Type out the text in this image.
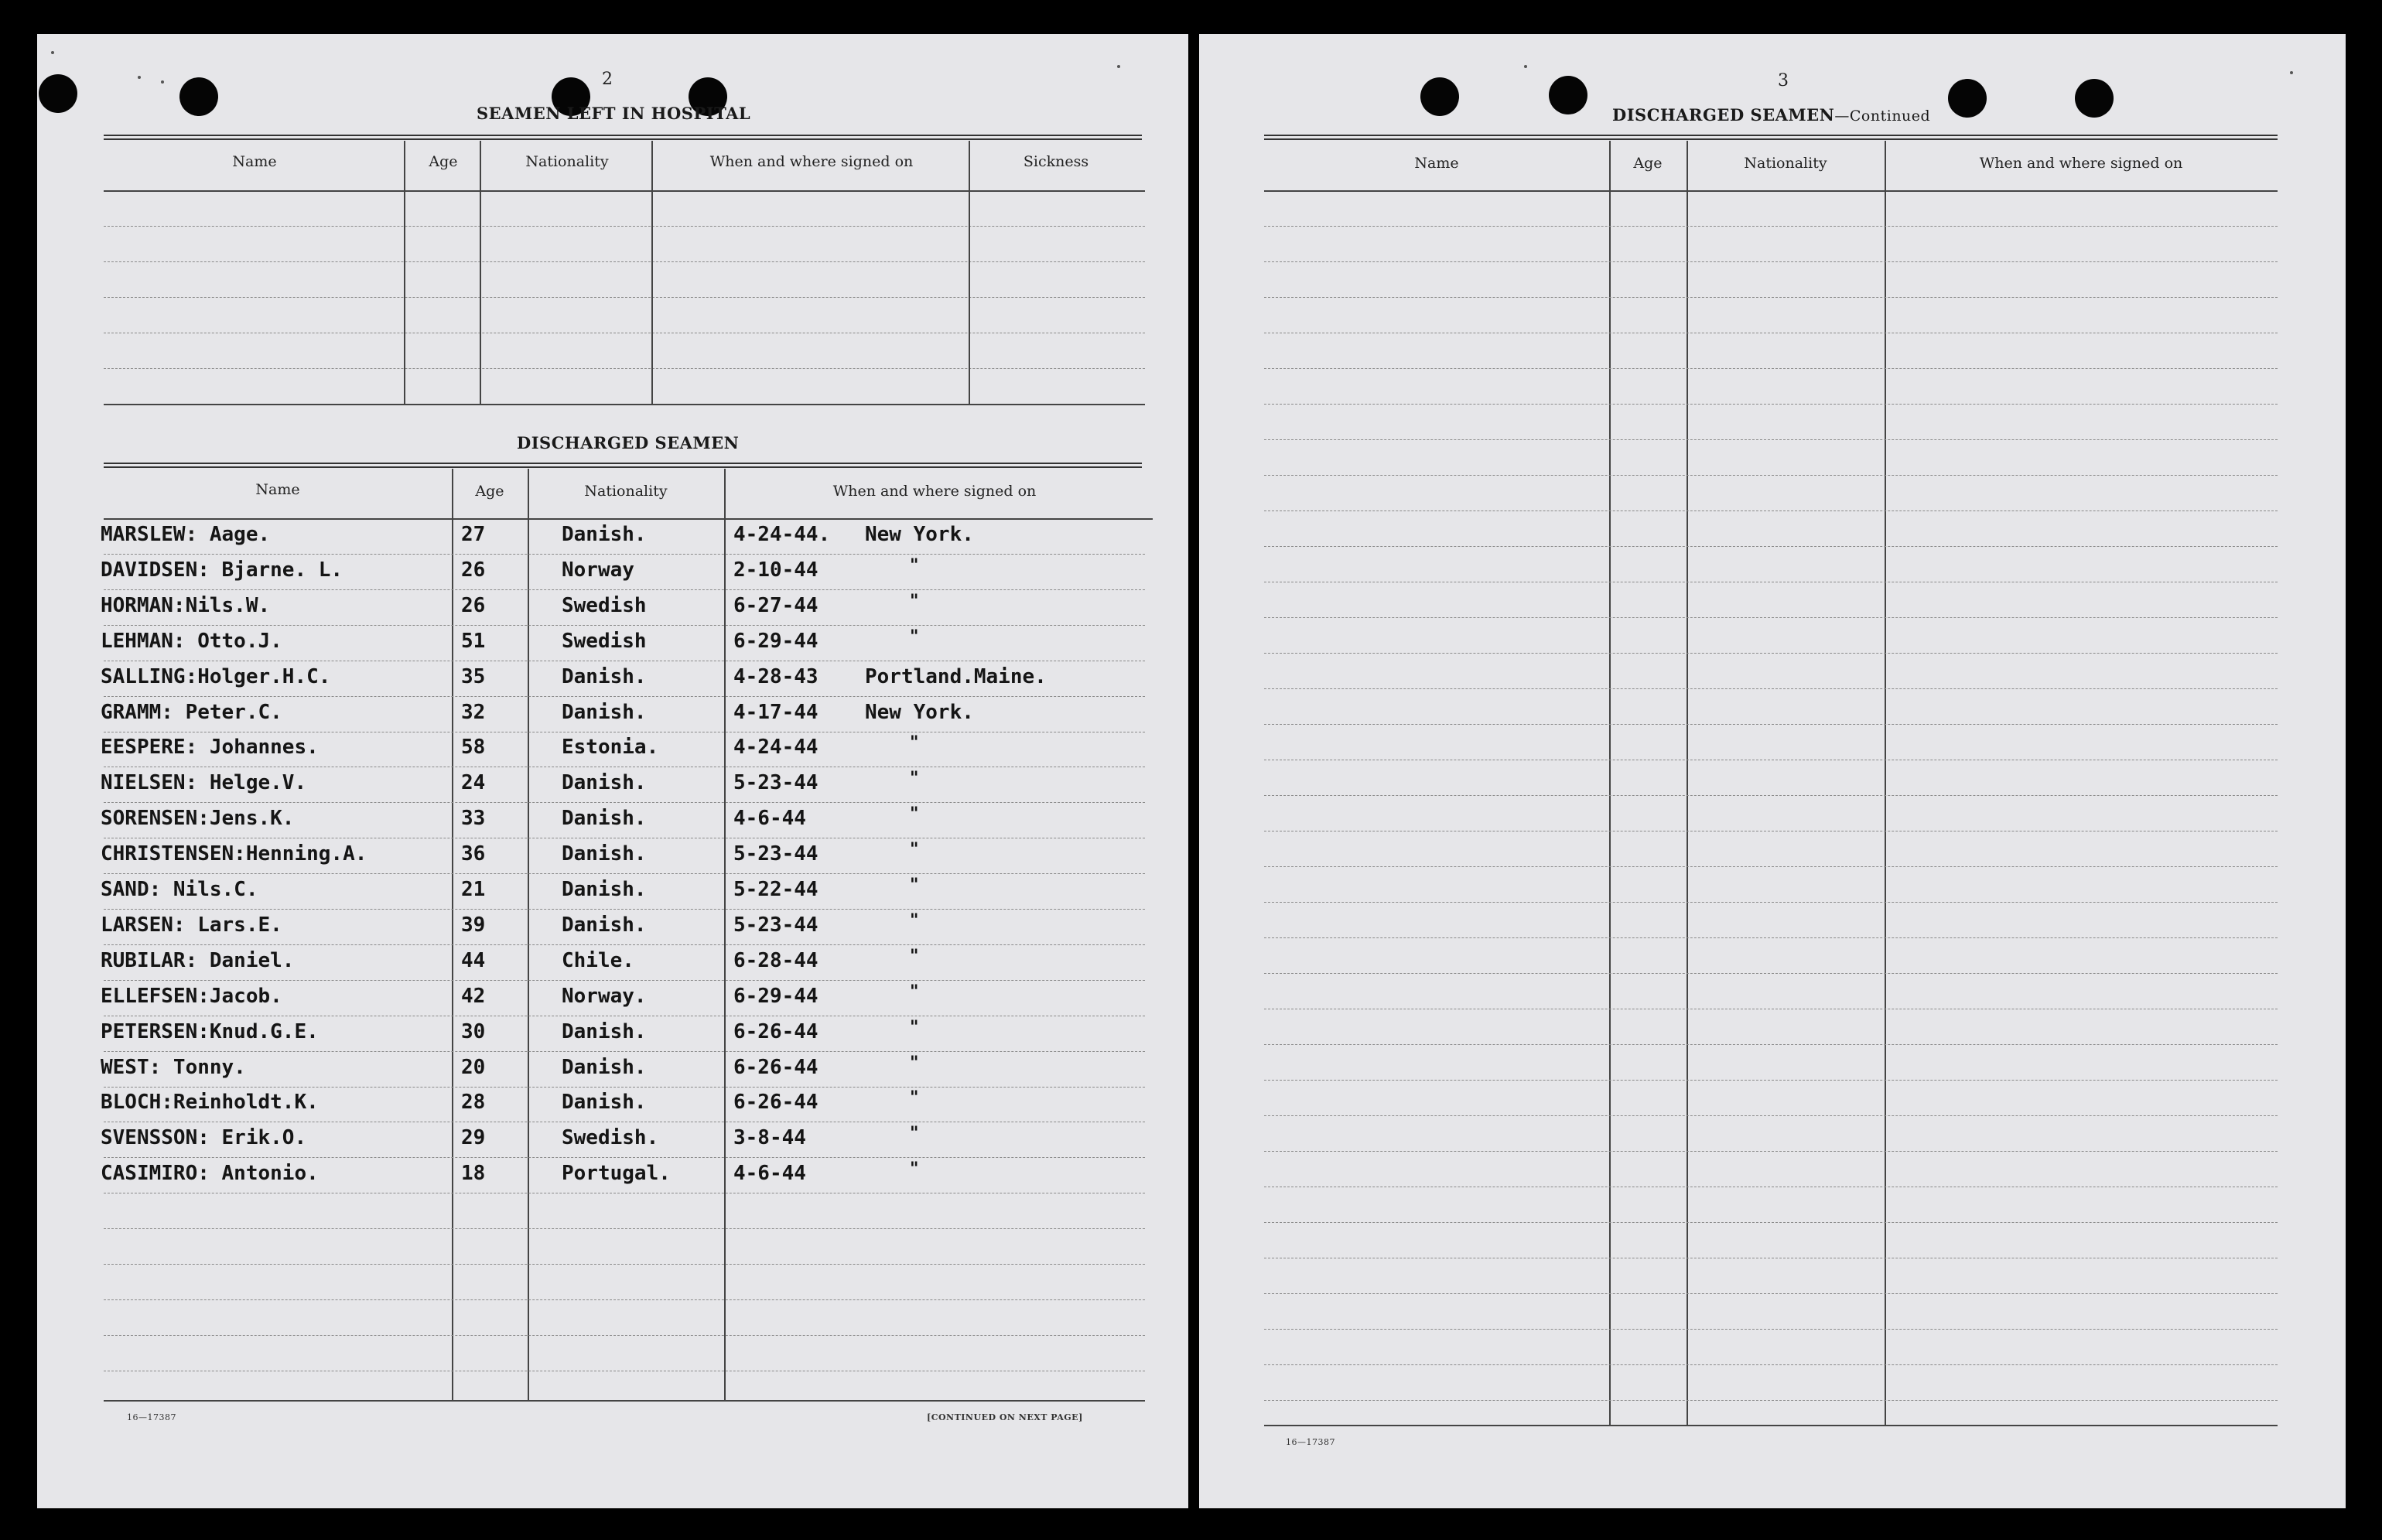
2
SEAMEN LEFT IN HOSPITAL
Name	Age	Nationality	When and where signed on	Sickness
DISCHARGED SEAMEN
Name	Age	Nationality	When and where signed on
MARSLEW: Aage.	27	Danish.	4-24-44. New York.
DAVIDSEN: Bjarne. L.	26	Norway	2-10-44	"
HORMAN:Nils.W.	26	Swedish	6-27-44	"
LEHMAN: Otto.J.	51	Swedish	6-29-44	"
SALLING:Holger.H.C.	35	Danish.	4-28-43 Portland.Maine.
GRAMM: Peter.C.	32	Danish.	4-17-44 New York.
EESPERE: Johannes.	58	Estonia.	4-24-44	"
NIELSEN: Helge.V.	24	Danish.	5-23-44	"
SORENSEN:Jens.K.	33	Danish.	4-6-44	"
CHRISTENSEN:Henning.A.	36	Danish.	5-23-44	"
SAND: Nils.C.	21	Danish.	5-22-44	"
LARSEN: Lars.E.	39	Danish.	5-23-44	"
RUBILAR: Daniel.	44	Chile.	6-28-44	"
ELLEFSEN:Jacob.	42	Norway.	6-29-44	"
PETERSEN:Knud.G.E.	30	Danish.	6-26-44	"
WEST: Tonny.	20	Danish.	6-26-44	"
BLOCH:Reinholdt.K.	28	Danish.	6-26-44	"
SVENSSON: Erik.O.	29	Swedish.	3-8-44	"
CASIMIRO: Antonio.	18	Portugal.	4-6-44	"
16—17387	[CONTINUED ON NEXT PAGE]
3
DISCHARGED SEAMEN—Continued
Name	Age	Nationality	When and where signed on
16—17387
